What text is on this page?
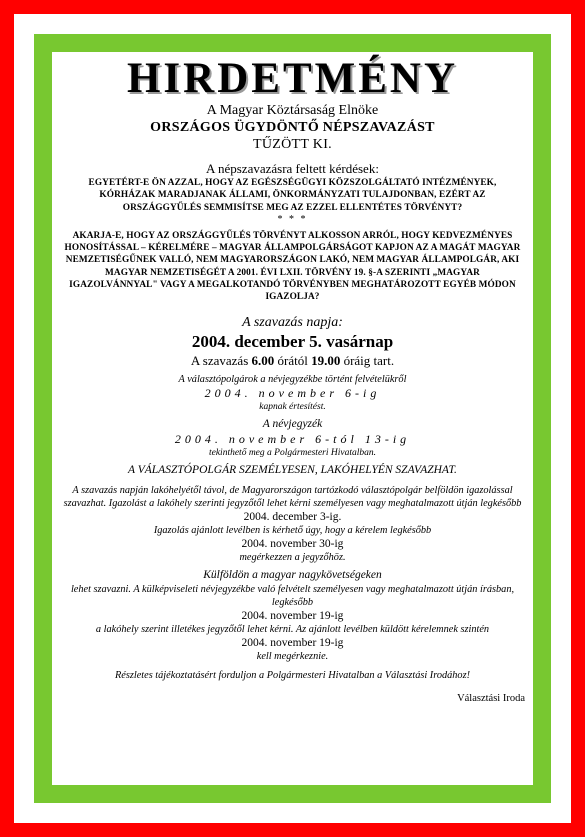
HIRDETMÉNY
A Magyar Köztársaság Elnöke
ORSZÁGOS ÜGYDÖNTŐ NÉPSZAVAZÁST
TŰZÖTT KI.
A népszavazásra feltett kérdések:
EGYETÉRT-E ÖN AZZAL, HOGY AZ EGÉSZSÉGÜGYI KÖZSZOLGÁLTATÓ INTÉZMÉNYEK, KÓRHÁZAK MARADJANAK ÁLLAMI, ÖNKORMÁNYZATI TULAJDONBAN, EZÉRT AZ ORSZÁGGYŰLÉS SEMMISÍTSE MEG AZ EZZEL ELLENTÉTES TÖRVÉNYT?
* * *
AKARJA-E, HOGY AZ ORSZÁGGYŰLÉS TÖRVÉNYT ALKOSSON ARRÓL, HOGY KEDVEZMÉNYES HONOSÍTÁSSAL – KÉRELMÉRE – MAGYAR ÁLLAMPOLGÁRSÁGOT KAPJON AZ A MAGÁT MAGYAR NEMZETISÉGŰNEK VALLÓ, NEM MAGYARORSZÁGON LAKÓ, NEM MAGYAR ÁLLAMPOLGÁR, AKI MAGYAR NEMZETISÉGÉT A 2001. ÉVI LXII. TÖRVÉNY 19. §-A SZERINTI „MAGYAR IGAZOLVÁNNYAL" VAGY A MEGALKOTANDÓ TÖRVÉNYBEN MEGHATÁROZOTT EGYÉB MÓDON IGAZOLJA?
A szavazás napja:
2004. december 5. vasárnap
A szavazás 6.00 órától 19.00 óráig tart.
A választópolgárok a névjegyzékbe történt felvételükről
2004. november 6-ig
kapnak értesítést.
A névjegyzék
2004. november 6-tól 13-ig
tekinthető meg a Polgármesteri Hivatalban.
A VÁLASZTÓPOLGÁR SZEMÉLYESEN, LAKÓHELYÉN SZAVAZHAT.
A szavazás napján lakóhelyétől távol, de Magyarországon tartózkodó választópolgár belföldön igazolással szavazhat. Igazolást a lakóhely szerinti jegyzőtől lehet kérni személyesen vagy meghatalmazott útján legkésőbb
2004. december 3-ig.
Igazolás ajánlott levélben is kérhető úgy, hogy a kérelem legkésőbb
2004. november 30-ig
megérkezzen a jegyzőhöz.
Külföldön a magyar nagykövetségeken
lehet szavazni. A külképviseleti névjegyzékbe való felvételt személyesen vagy meghatalmazott útján írásban, legkésőbb
2004. november 19-ig
a lakóhely szerint illetékes jegyzőtől lehet kérni. Az ajánlott levélben küldött kérelemnek szintén
2004. november 19-ig
kell megérkeznie.
Részletes tájékoztatásért forduljon a Polgármesteri Hivatalban a Választási Irodához!
Választási Iroda
